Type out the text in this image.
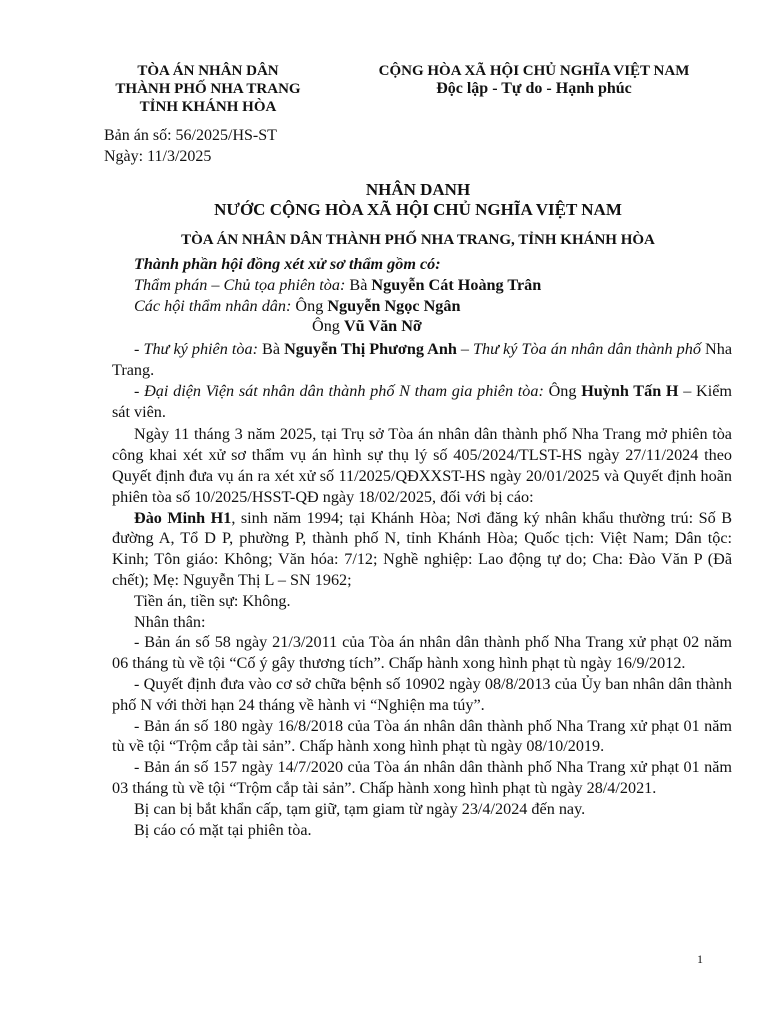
TÒA ÁN NHÂN DÂN
THÀNH PHỐ NHA TRANG
TỈNH KHÁNH HÒA
CỘNG HÒA XÃ HỘI CHỦ NGHĨA VIỆT NAM
Độc lập - Tự do - Hạnh phúc
Bản án số: 56/2025/HS-ST
Ngày: 11/3/2025
NHÂN DANH
NƯỚC CỘNG HÒA XÃ HỘI CHỦ NGHĨA VIỆT NAM
TÒA ÁN NHÂN DÂN THÀNH PHỐ NHA TRANG, TỈNH KHÁNH HÒA

Thành phần hội đồng xét xử sơ thẩm gồm có:

Thẩm phán – Chủ tọa phiên tòa: Bà Nguyễn Cát Hoàng Trân

Các hội thẩm nhân dân: Ông Nguyễn Ngọc Ngân

Ông Vũ Văn Nỡ

- Thư ký phiên tòa: Bà Nguyễn Thị Phương Anh – Thư ký Tòa án nhân dân thành phố Nha Trang.

- Đại diện Viện sát nhân dân thành phố N tham gia phiên tòa: Ông Huỳnh Tấn H – Kiểm sát viên.

Ngày 11 tháng 3 năm 2025, tại Trụ sở Tòa án nhân dân thành phố Nha Trang mở phiên tòa công khai xét xử sơ thẩm vụ án hình sự thụ lý số 405/2024/TLST-HS ngày 27/11/2024 theo Quyết định đưa vụ án ra xét xử số 11/2025/QĐXXST-HS ngày 20/01/2025 và Quyết định hoãn phiên tòa số 10/2025/HSST-QĐ ngày 18/02/2025, đối với bị cáo:

Đào Minh H1, sinh năm 1994; tại Khánh Hòa; Nơi đăng ký nhân khẩu thường trú: Số B đường A, Tổ D P, phường P, thành phố N, tỉnh Khánh Hòa; Quốc tịch: Việt Nam; Dân tộc: Kinh; Tôn giáo: Không; Văn hóa: 7/12; Nghề nghiệp: Lao động tự do; Cha: Đào Văn P (Đã chết); Mẹ: Nguyễn Thị L – SN 1962;

Tiền án, tiền sự: Không.

Nhân thân:

- Bản án số 58 ngày 21/3/2011 của Tòa án nhân dân thành phố Nha Trang xử phạt 02 năm 06 tháng tù về tội “Cố ý gây thương tích”. Chấp hành xong hình phạt tù ngày 16/9/2012.

- Quyết định đưa vào cơ sở chữa bệnh số 10902 ngày 08/8/2013 của Ủy ban nhân dân thành phố N với thời hạn 24 tháng về hành vi “Nghiện ma túy”.

- Bản án số 180 ngày 16/8/2018 của Tòa án nhân dân thành phố Nha Trang xử phạt 01 năm tù về tội “Trộm cắp tài sản”. Chấp hành xong hình phạt tù ngày 08/10/2019.

- Bản án số 157 ngày 14/7/2020 của Tòa án nhân dân thành phố Nha Trang xử phạt 01 năm 03 tháng tù về tội “Trộm cắp tài sản”. Chấp hành xong hình phạt tù ngày 28/4/2021.

Bị can bị bắt khẩn cấp, tạm giữ, tạm giam từ ngày 23/4/2024 đến nay.

Bị cáo có mặt tại phiên tòa.

1
